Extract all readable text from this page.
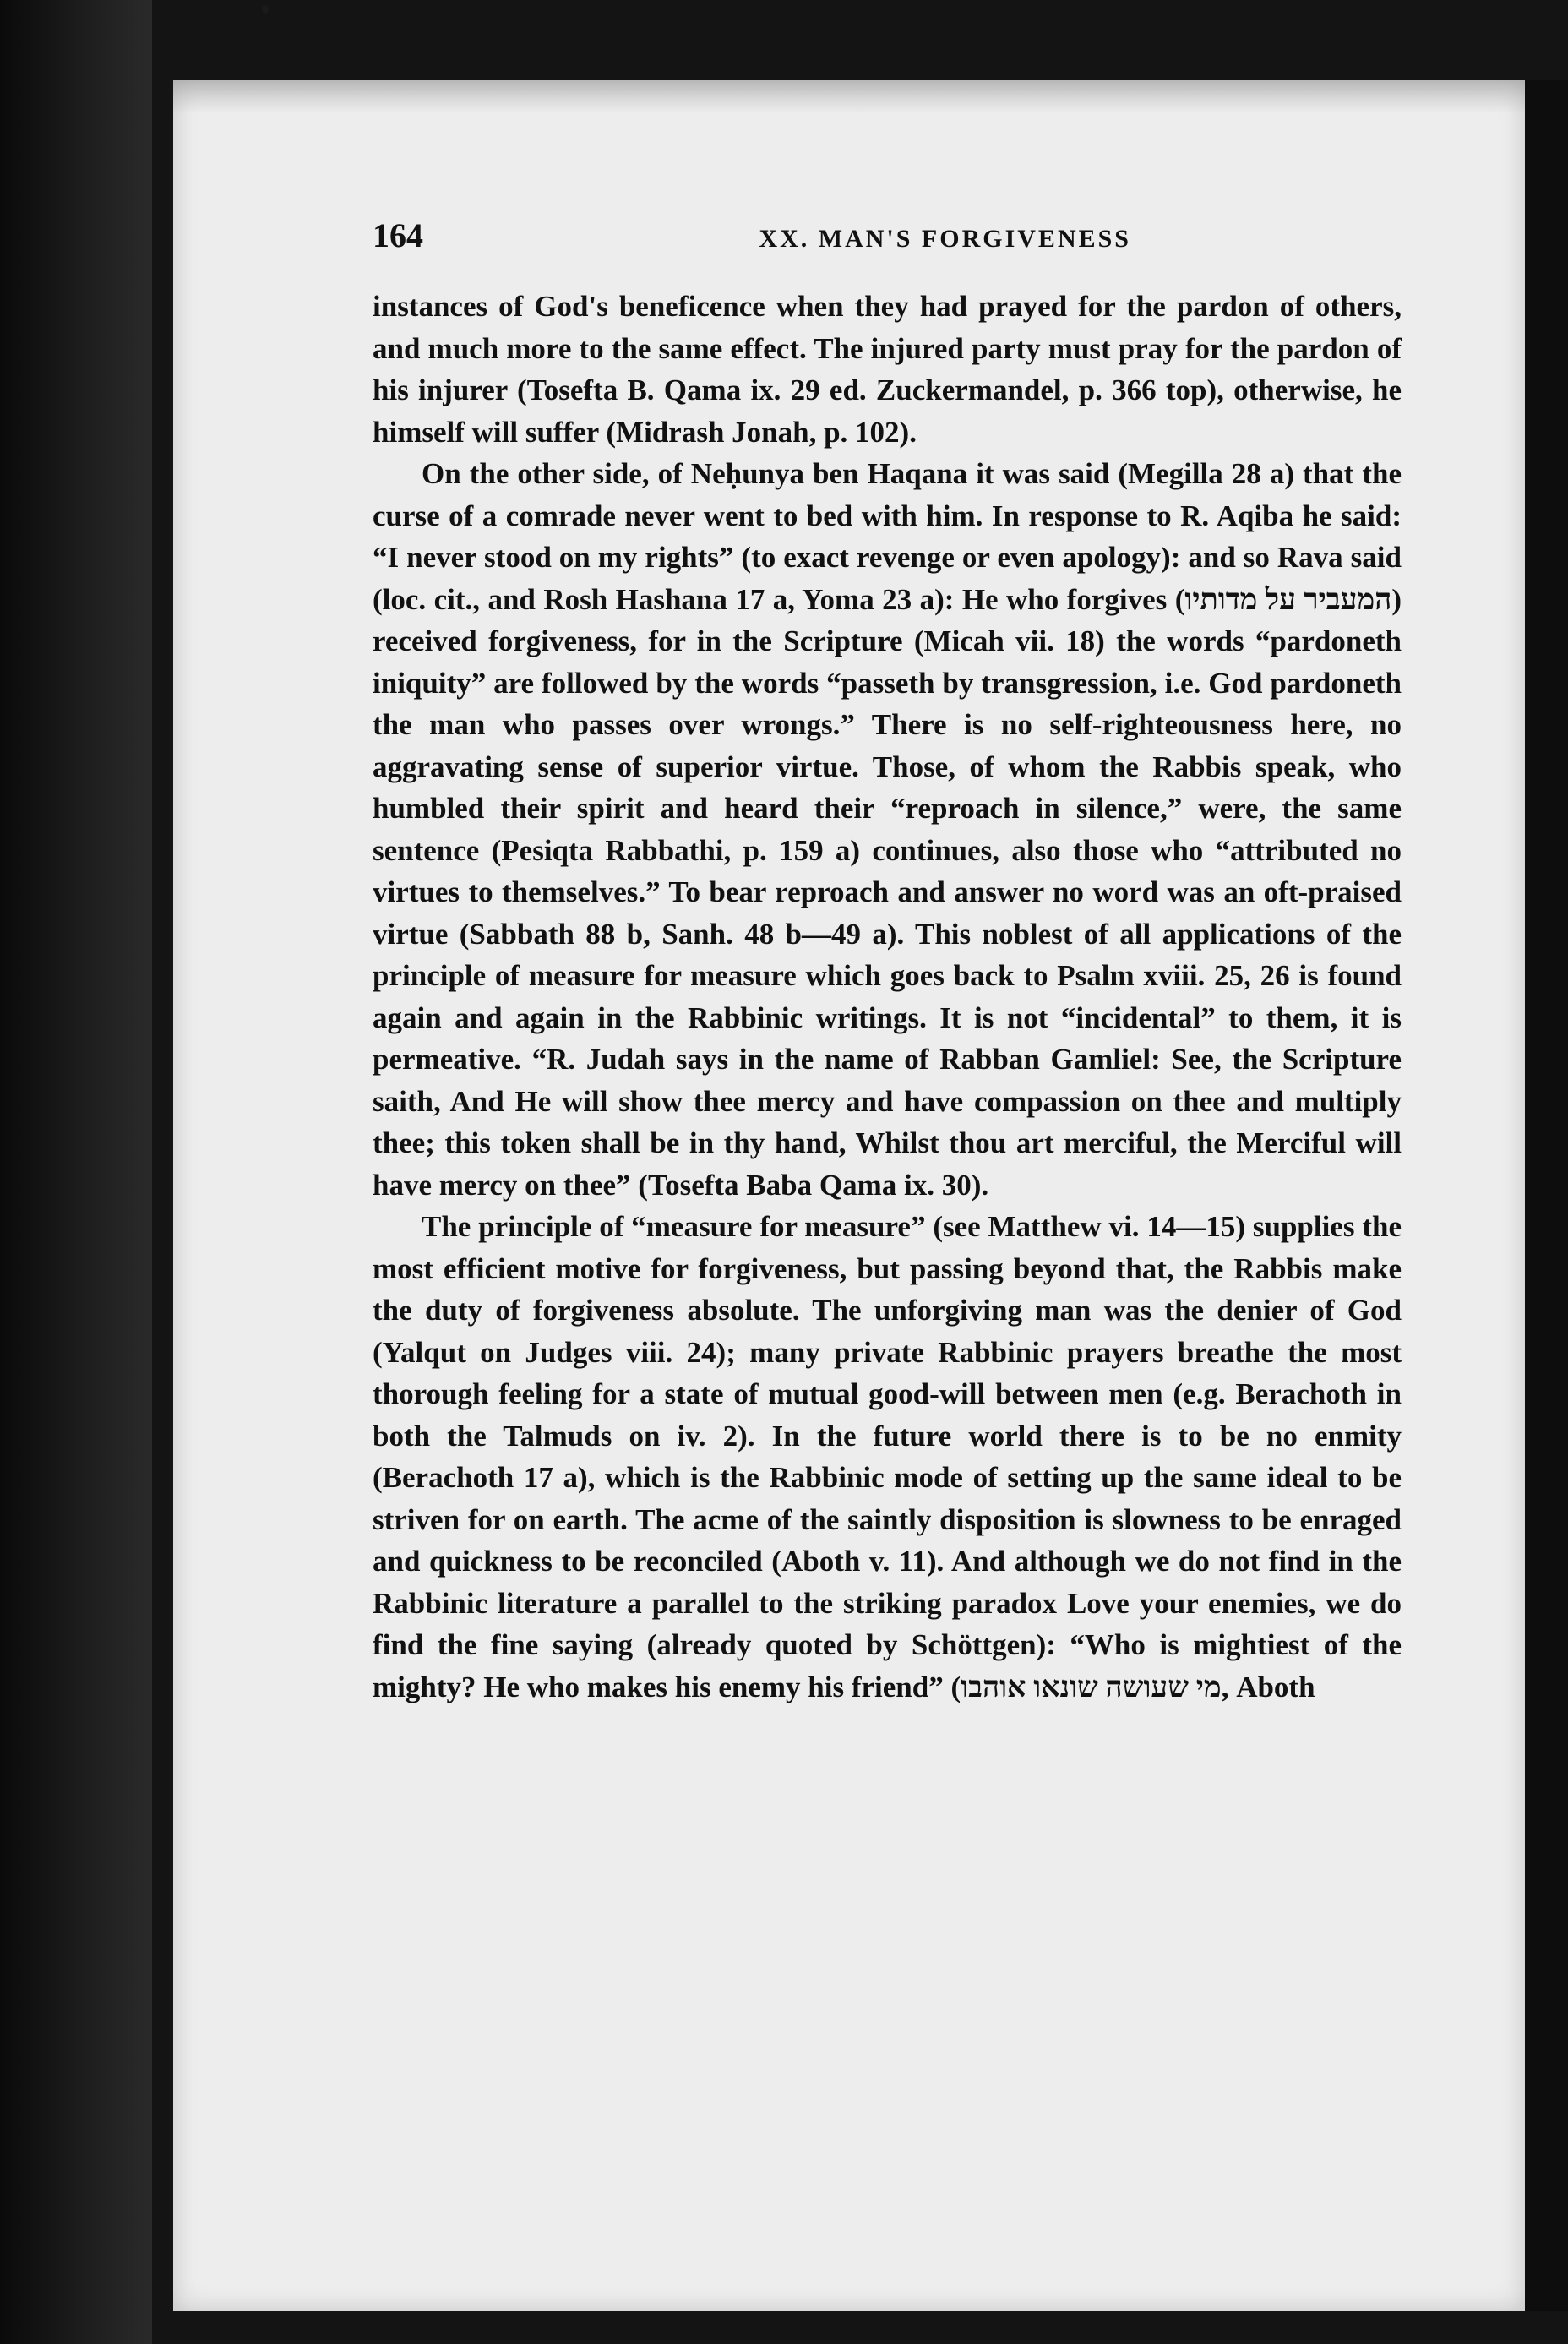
164	XX. MAN'S FORGIVENESS

instances of God's beneficence when they had prayed for the pardon of others, and much more to the same effect. The injured party must pray for the pardon of his injurer (Tosefta B. Qama ix. 29 ed. Zuckermandel, p. 366 top), otherwise, he himself will suffer (Midrash Jonah, p. 102).

On the other side, of Neḥunya ben Haqana it was said (Megilla 28 a) that the curse of a comrade never went to bed with him. In response to R. Aqiba he said: “I never stood on my rights” (to exact revenge or even apology): and so Rava said (loc. cit., and Rosh Hashana 17 a, Yoma 23 a): He who forgives (המעביר על מדותיו) received forgiveness, for in the Scripture (Micah vii. 18) the words “pardoneth iniquity” are followed by the words “passeth by transgression, i.e. God pardoneth the man who passes over wrongs.” There is no self-righteousness here, no aggravating sense of superior virtue. Those, of whom the Rabbis speak, who humbled their spirit and heard their “reproach in silence,” were, the same sentence (Pesiqta Rabbathi, p. 159 a) continues, also those who “attributed no virtues to themselves.” To bear reproach and answer no word was an oft-praised virtue (Sabbath 88 b, Sanh. 48 b—49 a). This noblest of all applications of the principle of measure for measure which goes back to Psalm xviii. 25, 26 is found again and again in the Rabbinic writings. It is not “incidental” to them, it is permeative. “R. Judah says in the name of Rabban Gamliel: See, the Scripture saith, And He will show thee mercy and have compassion on thee and multiply thee; this token shall be in thy hand, Whilst thou art merciful, the Merciful will have mercy on thee” (Tosefta Baba Qama ix. 30).

The principle of “measure for measure” (see Matthew vi. 14—15) supplies the most efficient motive for forgiveness, but passing beyond that, the Rabbis make the duty of forgiveness absolute. The unforgiving man was the denier of God (Yalqut on Judges viii. 24); many private Rabbinic prayers breathe the most thorough feeling for a state of mutual good-will between men (e.g. Berachoth in both the Talmuds on iv. 2). In the future world there is to be no enmity (Berachoth 17 a), which is the Rabbinic mode of setting up the same ideal to be striven for on earth. The acme of the saintly disposition is slowness to be enraged and quickness to be reconciled (Aboth v. 11). And although we do not find in the Rabbinic literature a parallel to the striking paradox Love your enemies, we do find the fine saying (already quoted by Schöttgen): “Who is mightiest of the mighty? He who makes his enemy his friend” (מי שעושה שונאו אוהבו, Aboth
